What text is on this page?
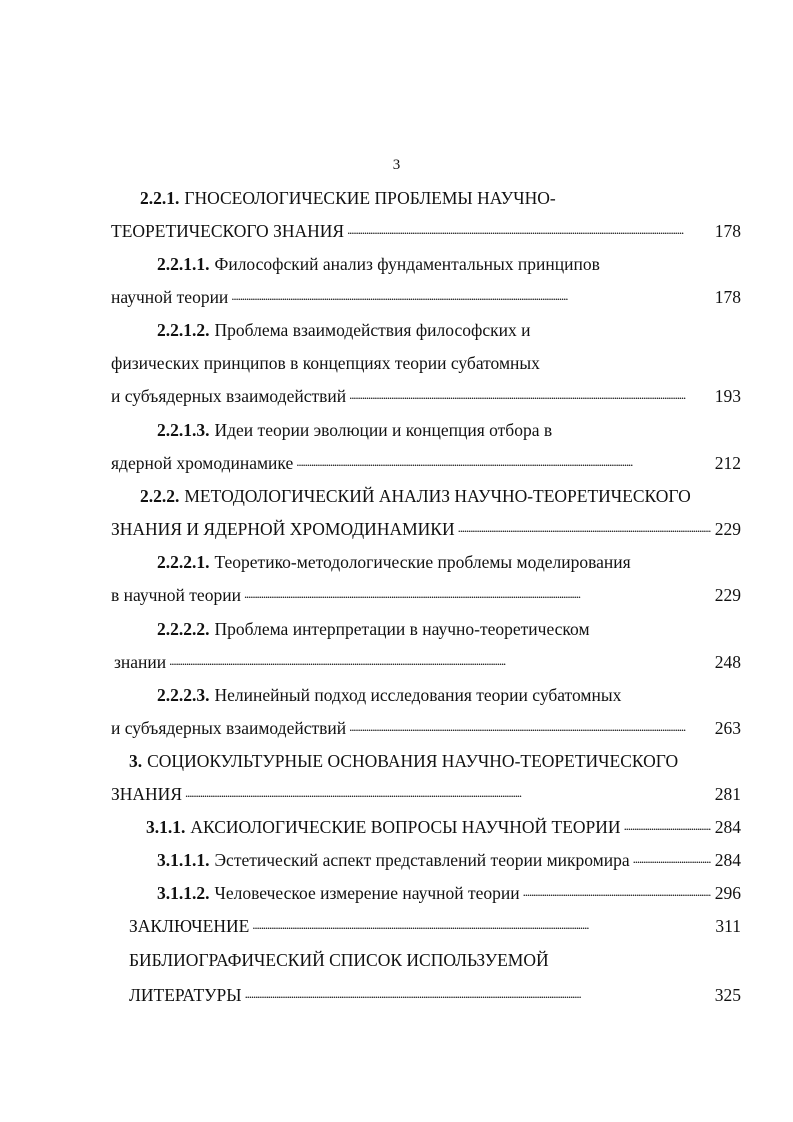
3
2.2.1. ГНОСЕОЛОГИЧЕСКИЕ ПРОБЛЕМЫ НАУЧНО-
ТЕОРЕТИЧЕСКОГО ЗНАНИЯ . . .	178
2.2.1.1. Философский анализ фундаментальных принципов
научной теории . . .	178
2.2.1.2. Проблема взаимодействия философских и
физических принципов в концепциях теории субатомных
и субъядерных взаимодействий . . .	193
2.2.1.3. Идеи теории эволюции и концепция отбора в
ядерной хромодинамике . . .	212
2.2.2. МЕТОДОЛОГИЧЕСКИЙ АНАЛИЗ НАУЧНО-ТЕОРЕТИЧЕСКОГО
ЗНАНИЯ И ЯДЕРНОЙ ХРОМОДИНАМИКИ . . .	229
2.2.2.1. Теоретико-методологические проблемы моделирования
в научной теории . . .	229
2.2.2.2. Проблема интерпретации в научно-теоретическом
знании . . .	248
2.2.2.3. Нелинейный подход исследования теории субатомных
и субъядерных взаимодействий . . .	263
3. СОЦИОКУЛЬТУРНЫЕ ОСНОВАНИЯ НАУЧНО-ТЕОРЕТИЧЕСКОГО
ЗНАНИЯ . . .	281
3.1.1. АКСИОЛОГИЧЕСКИЕ ВОПРОСЫ НАУЧНОЙ ТЕОРИИ . . .	284
3.1.1.1. Эстетический аспект представлений теории микромира . . .	284
3.1.1.2. Человеческое измерение научной теории . . .	296
ЗАКЛЮЧЕНИЕ . . .	311
БИБЛИОГРАФИЧЕСКИЙ СПИСОК ИСПОЛЬЗУЕМОЙ
ЛИТЕРАТУРЫ . . .	325
